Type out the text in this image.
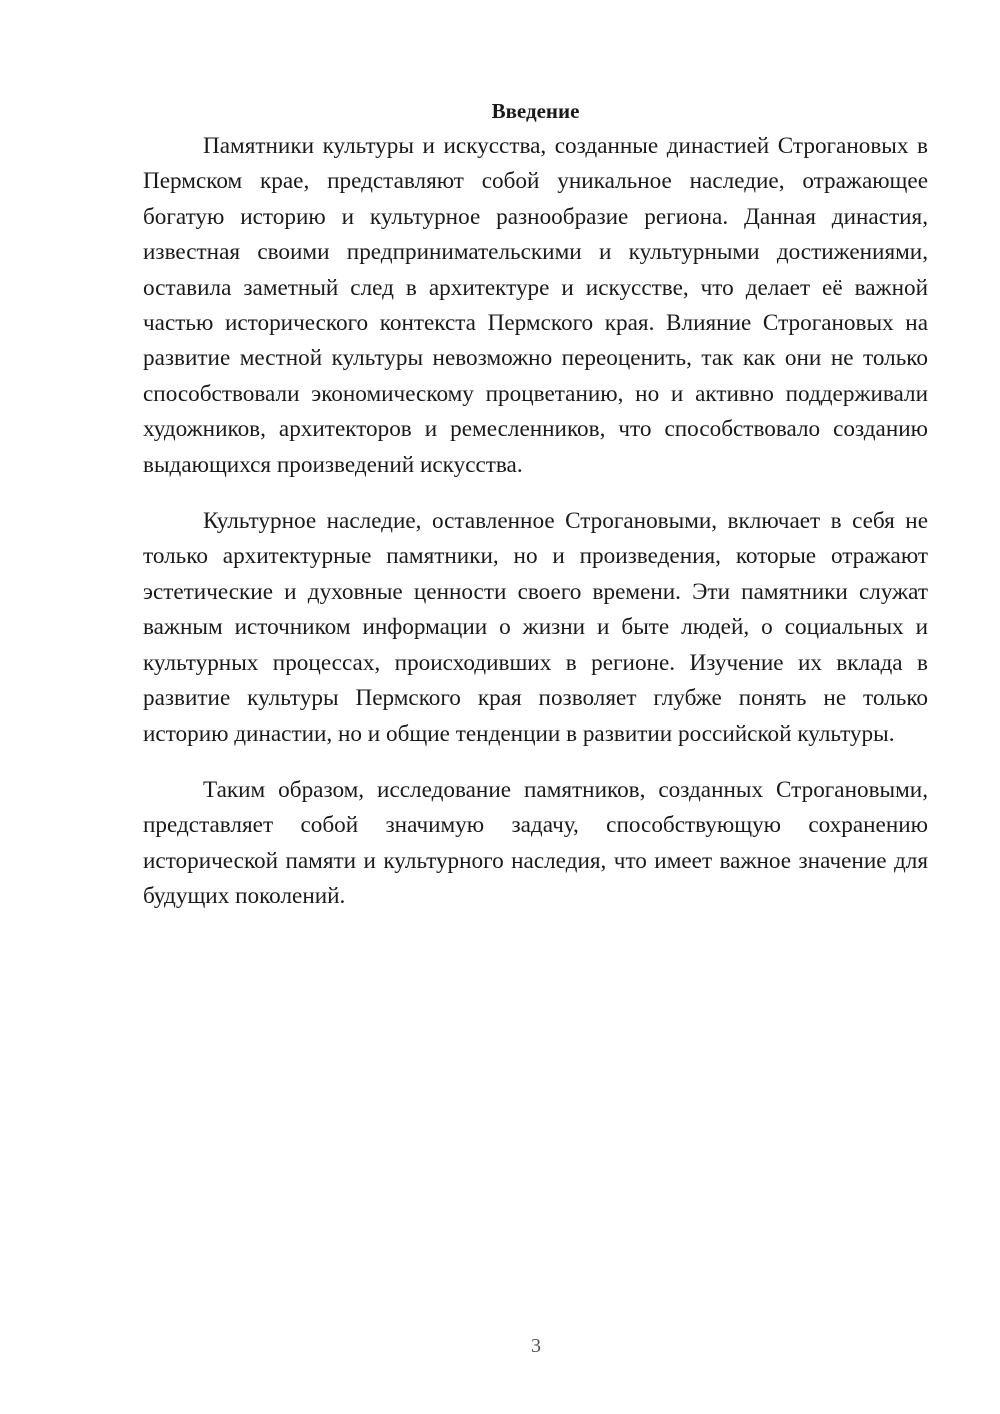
Введение

Памятники культуры и искусства, созданные династией Строгановых в Пермском крае, представляют собой уникальное наследие, отражающее богатую историю и культурное разнообразие региона. Данная династия, известная своими предпринимательскими и культурными достижениями, оставила заметный след в архитектуре и искусстве, что делает её важной частью исторического контекста Пермского края. Влияние Строгановых на развитие местной культуры невозможно переоценить, так как они не только способствовали экономическому процветанию, но и активно поддерживали художников, архитекторов и ремесленников, что способствовало созданию выдающихся произведений искусства.

Культурное наследие, оставленное Строгановыми, включает в себя не только архитектурные памятники, но и произведения, которые отражают эстетические и духовные ценности своего времени. Эти памятники служат важным источником информации о жизни и быте людей, о социальных и культурных процессах, происходивших в регионе. Изучение их вклада в развитие культуры Пермского края позволяет глубже понять не только историю династии, но и общие тенденции в развитии российской культуры.

Таким образом, исследование памятников, созданных Строгановыми, представляет собой значимую задачу, способствующую сохранению исторической памяти и культурного наследия, что имеет важное значение для будущих поколений.

3
